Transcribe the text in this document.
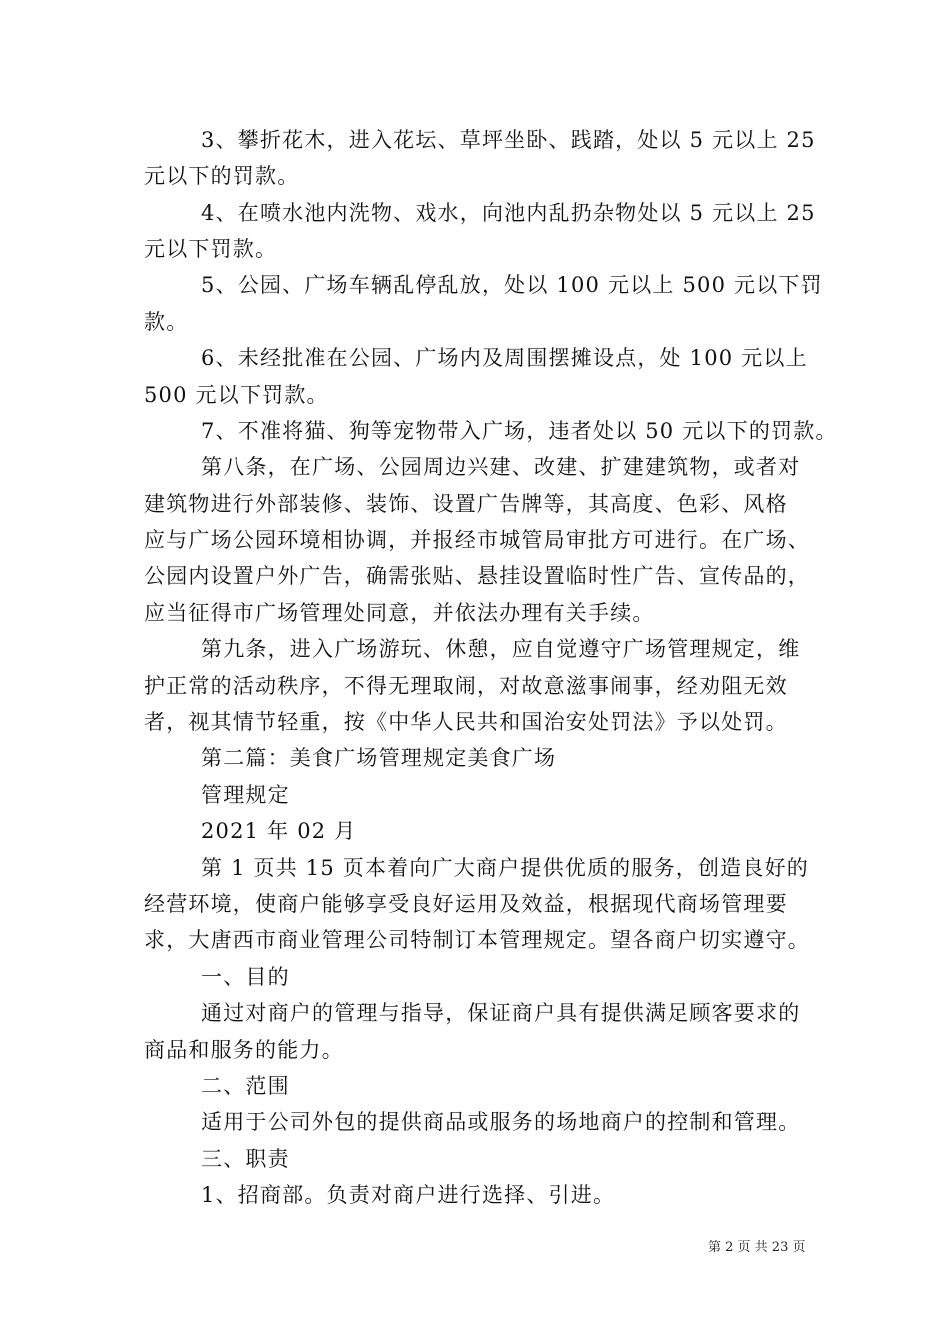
3、攀折花木，进入花坛、草坪坐卧、践踏，处以 5 元以上 25

元以下的罚款。

4、在喷水池内洗物、戏水，向池内乱扔杂物处以 5 元以上 25

元以下罚款。

5、公园、广场车辆乱停乱放，处以 100 元以上 500 元以下罚

款。

6、未经批准在公园、广场内及周围摆摊设点，处 100 元以上

500 元以下罚款。

7、不准将猫、狗等宠物带入广场，违者处以 50 元以下的罚款。

第八条，在广场、公园周边兴建、改建、扩建建筑物，或者对

建筑物进行外部装修、装饰、设置广告牌等，其高度、色彩、风格

应与广场公园环境相协调，并报经市城管局审批方可进行。在广场、

公园内设置户外广告，确需张贴、悬挂设置临时性广告、宣传品的，

应当征得市广场管理处同意，并依法办理有关手续。

第九条，进入广场游玩、休憩，应自觉遵守广场管理规定，维

护正常的活动秩序，不得无理取闹，对故意滋事闹事，经劝阻无效

者，视其情节轻重，按《中华人民共和国治安处罚法》予以处罚。

第二篇：美食广场管理规定美食广场

管理规定

2021 年 02 月

第 1 页共 15 页本着向广大商户提供优质的服务，创造良好的

经营环境，使商户能够享受良好运用及效益，根据现代商场管理要

求，大唐西市商业管理公司特制订本管理规定。望各商户切实遵守。

一、目的

通过对商户的管理与指导，保证商户具有提供满足顾客要求的

商品和服务的能力。

二、范围

适用于公司外包的提供商品或服务的场地商户的控制和管理。

三、职责

1、招商部。负责对商户进行选择、引进。

第 2 页 共 23 页
